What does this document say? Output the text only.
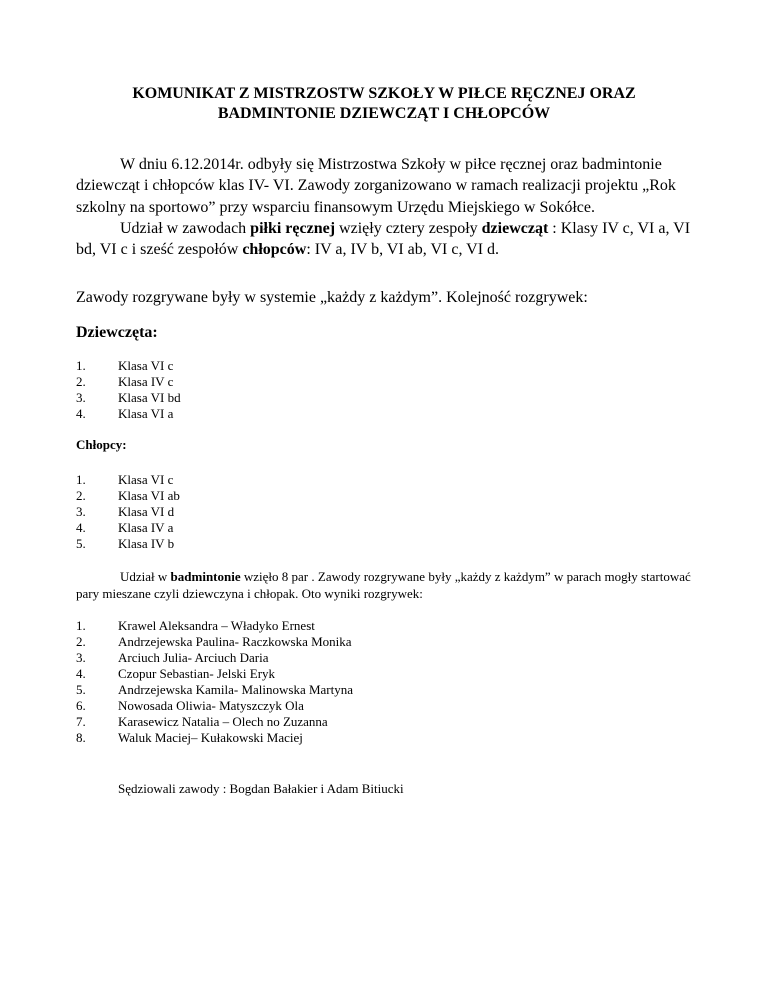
KOMUNIKAT Z MISTRZOSTW SZKOŁY W PIŁCE RĘCZNEJ ORAZ
BADMINTONIE DZIEWCZĄT I CHŁOPCÓW

W dniu 6.12.2014r. odbyły się Mistrzostwa Szkoły w piłce ręcznej oraz badmintonie dziewcząt i chłopców klas IV- VI. Zawody zorganizowano w ramach realizacji projektu „Rok szkolny na sportowo” przy wsparciu finansowym Urzędu Miejskiego w Sokółce.

Udział w zawodach piłki ręcznej wzięły cztery zespoły dziewcząt : Klasy IV c, VI a, VI bd, VI c i sześć zespołów chłopców: IV a, IV b, VI ab, VI c, VI d.

Zawody rozgrywane były w systemie „każdy z każdym”. Kolejność rozgrywek:

Dziewczęta:

1.	Klasa VI c
2.	Klasa IV c
3.	Klasa VI bd
4.	Klasa VI a

Chłopcy:

1.	Klasa VI c
2.	Klasa VI ab
3.	Klasa VI d
4.	Klasa IV a
5.	Klasa IV b

Udział w badmintonie wzięło 8 par . Zawody rozgrywane były „każdy z każdym” w parach mogły startować pary mieszane czyli dziewczyna i chłopak. Oto wyniki rozgrywek:

1.	Krawel Aleksandra – Władyko Ernest
2.	Andrzejewska Paulina- Raczkowska Monika
3.	Arciuch Julia- Arciuch Daria
4.	Czopur Sebastian- Jelski Eryk
5.	Andrzejewska Kamila- Malinowska Martyna
6.	Nowosada Oliwia- Matyszczyk Ola
7.	Karasewicz Natalia – Olech no Zuzanna
8.	Waluk Maciej– Kułakowski Maciej

Sędziowali zawody : Bogdan Bałakier i Adam Bitiucki
